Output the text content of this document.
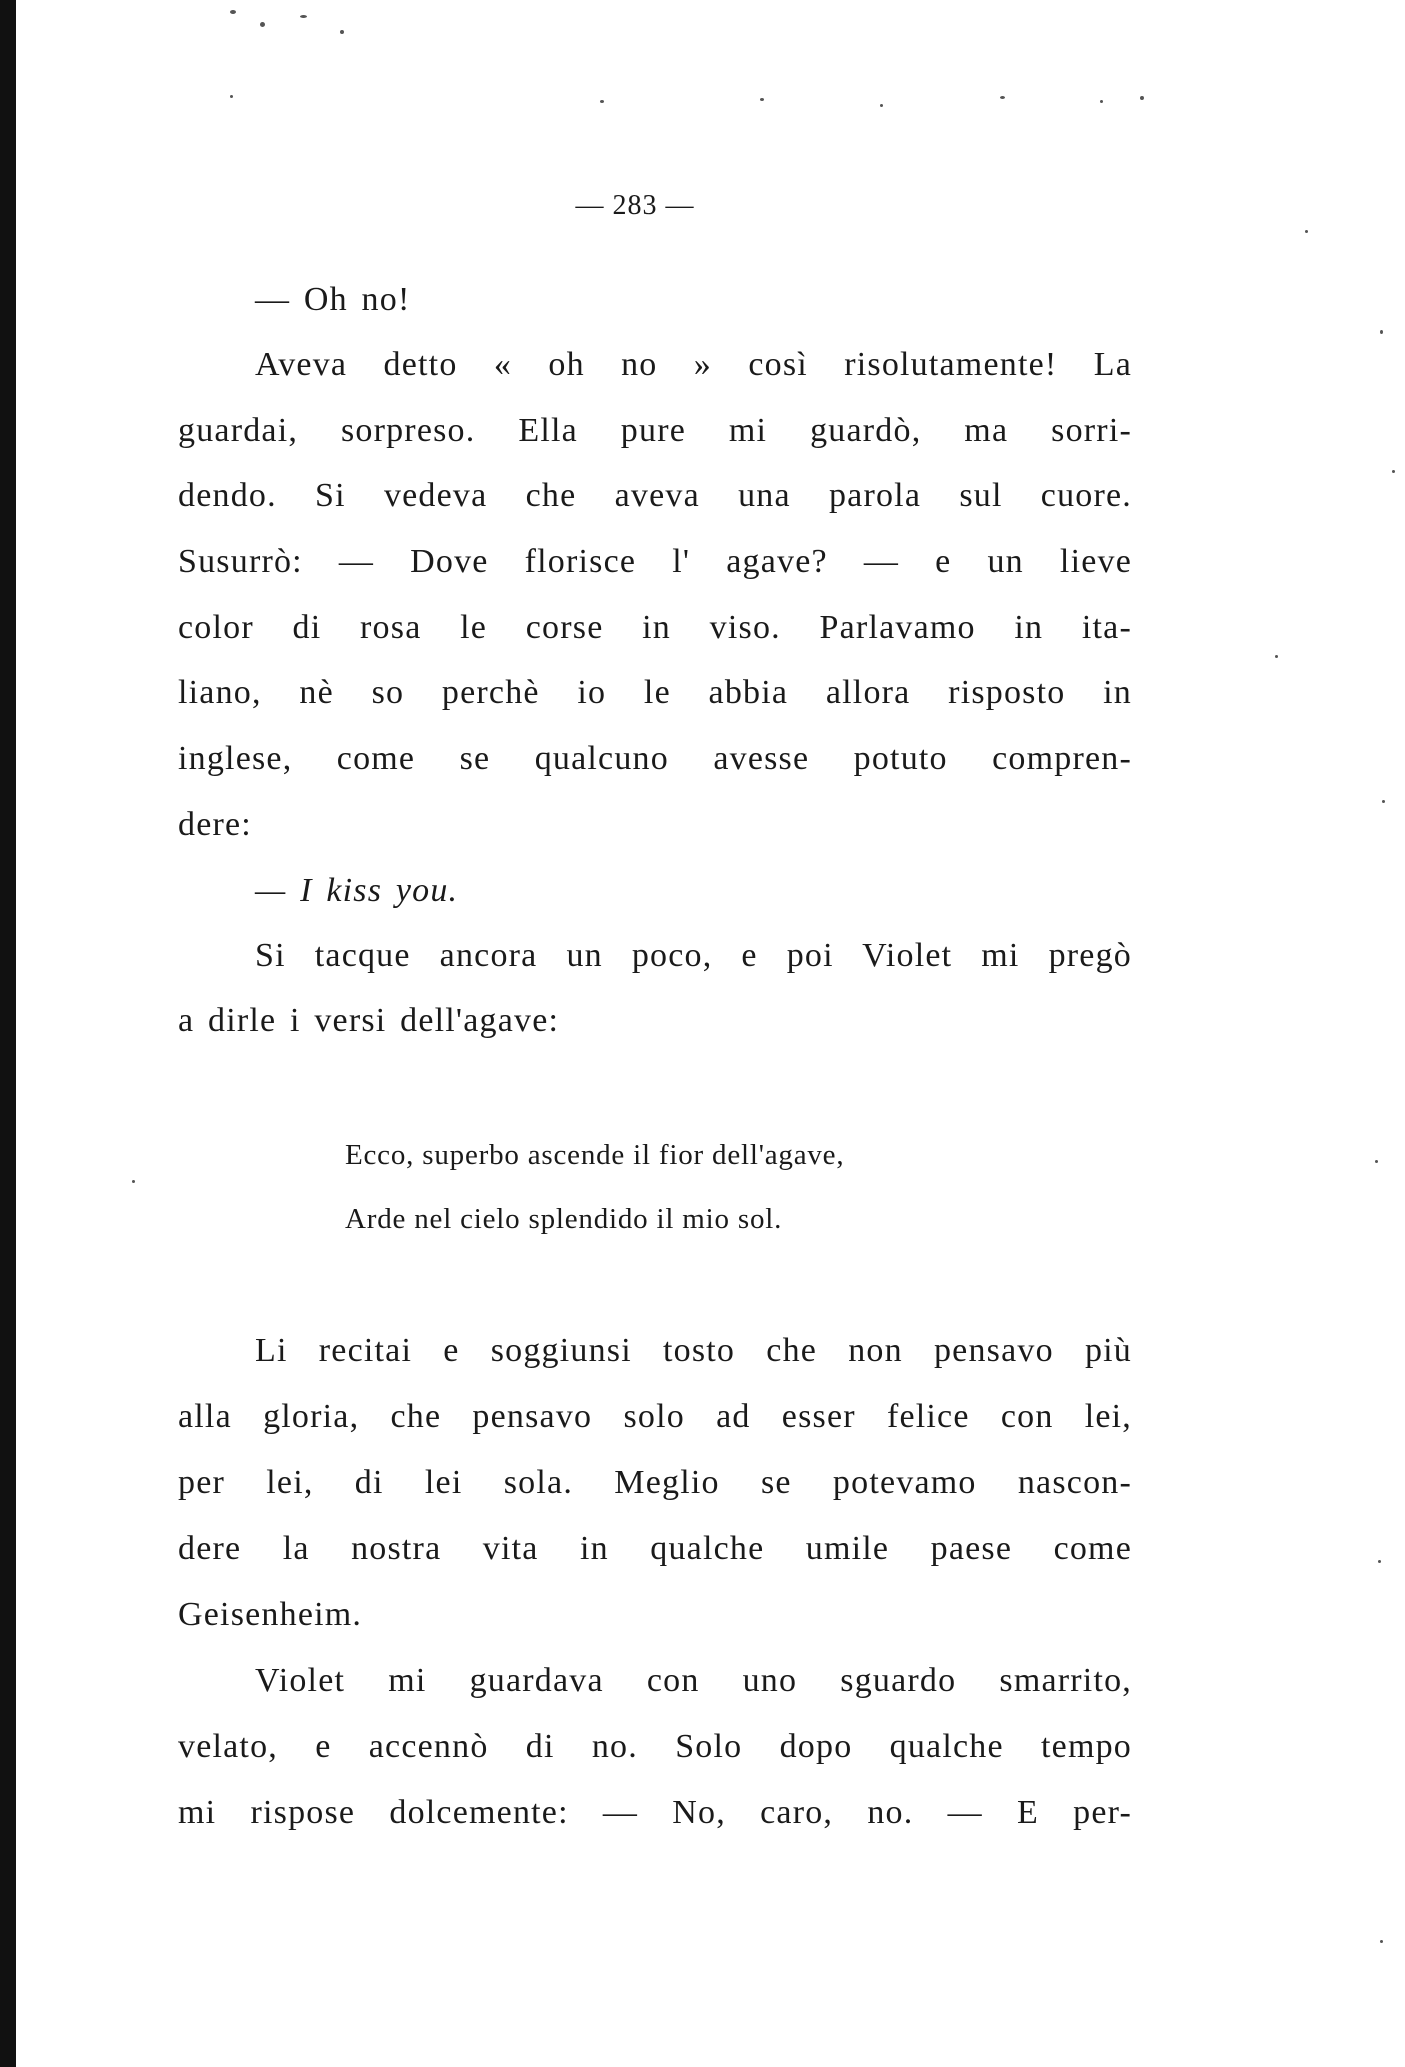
— 283 —
— Oh no!
Aveva detto « oh no » così risolutamente! La
guardai, sorpreso. Ella pure mi guardò, ma sorri-
dendo. Si vedeva che aveva una parola sul cuore.
Susurrò: — Dove florisce l' agave? — e un lieve
color di rosa le corse in viso. Parlavamo in ita-
liano, nè so perchè io le abbia allora risposto in
inglese, come se qualcuno avesse potuto compren-
dere:
— I kiss you.
Si tacque ancora un poco, e poi Violet mi pregò
a dirle i versi dell'agave:
Ecco, superbo ascende il fior dell'agave,
Arde nel cielo splendido il mio sol.
Li recitai e soggiunsi tosto che non pensavo più
alla gloria, che pensavo solo ad esser felice con lei,
per lei, di lei sola. Meglio se potevamo nascon-
dere la nostra vita in qualche umile paese come
Geisenheim.
Violet mi guardava con uno sguardo smarrito,
velato, e accennò di no. Solo dopo qualche tempo
mi rispose dolcemente: — No, caro, no. — E per-
